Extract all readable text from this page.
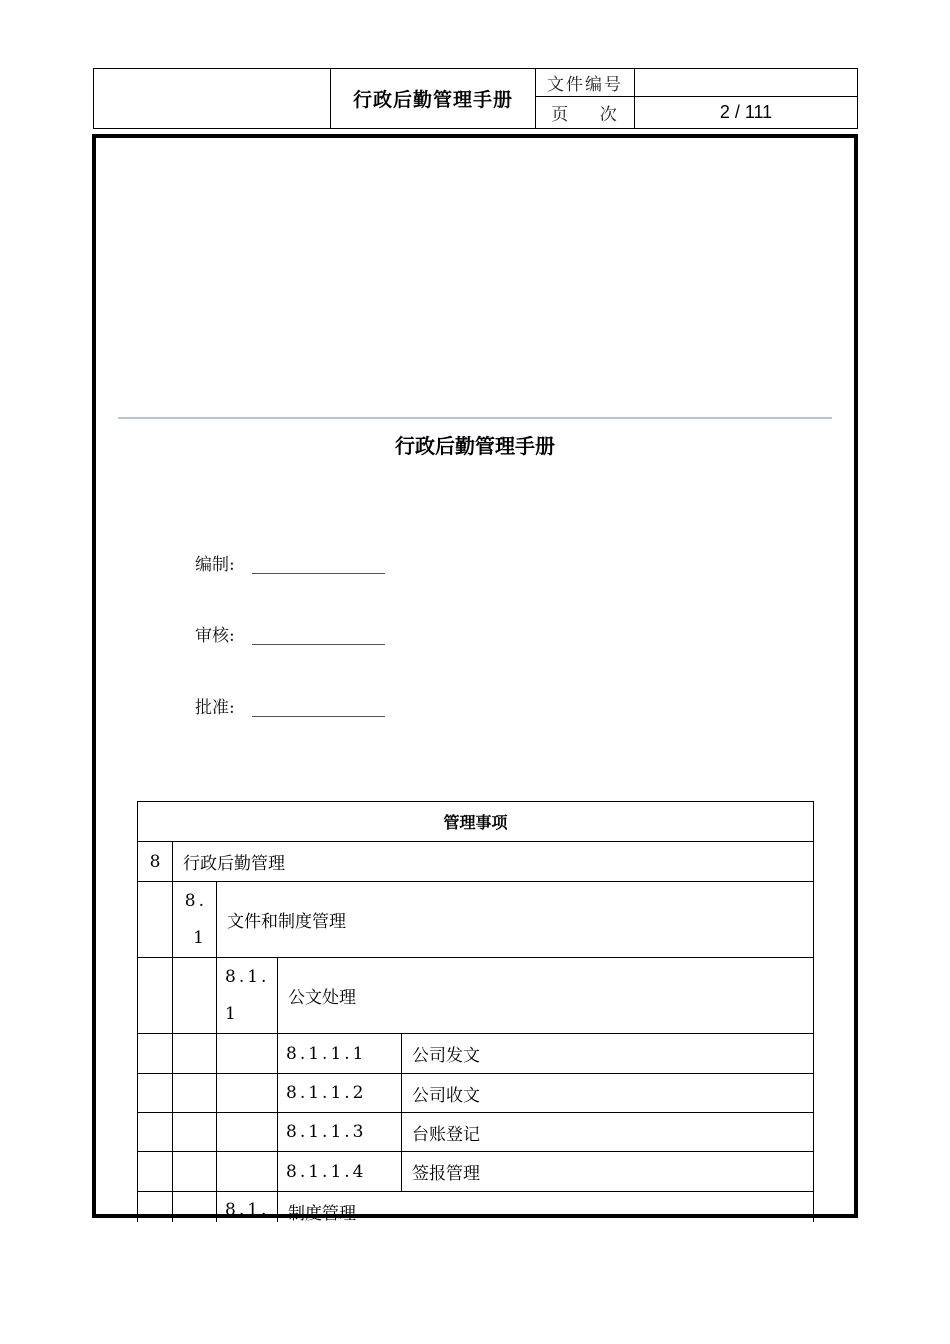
行政后勤管理手册
文件编号
页    次	2 / 111
行政后勤管理手册
编制:
审核:
批准:
管理事项				
8	行政后勤管理			

	8.1	文件和制度管理		

		8.1.1	公文处理	
			8.1.1.1	公司发文
			8.1.1.2	公司收文
			8.1.1.3	台账登记
			8.1.1.4	签报管理

		8.1.	制度管理	
